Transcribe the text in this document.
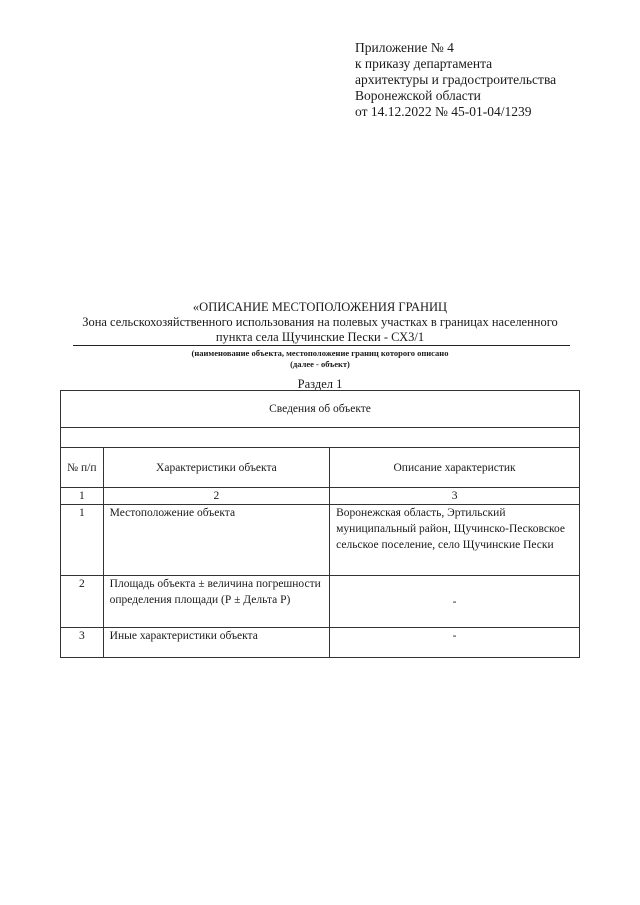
Приложение № 4
к приказу департамента
архитектуры и градостроительства
Воронежской области
от 14.12.2022 № 45-01-04/1239
«ОПИСАНИЕ МЕСТОПОЛОЖЕНИЯ ГРАНИЦ
Зона сельскохозяйственного использования на полевых участках в границах населенного
пункта села Щучинские Пески - СХ3/1
(наименование объекта, местоположение границ которого описано
(далее - объект)
Раздел 1
Сведения об объекте		

№ п/п	Характеристики объекта	Описание характеристик
1	2	3
1	Местоположение объекта	Воронежская область, Эртильский муниципальный район, Щучинско-Песковское сельское поселение, село Щучинские Пески
2	Площадь объекта ± величина погрешности определения площади (Р ± Дельта Р)	-
3	Иные характеристики объекта	-
